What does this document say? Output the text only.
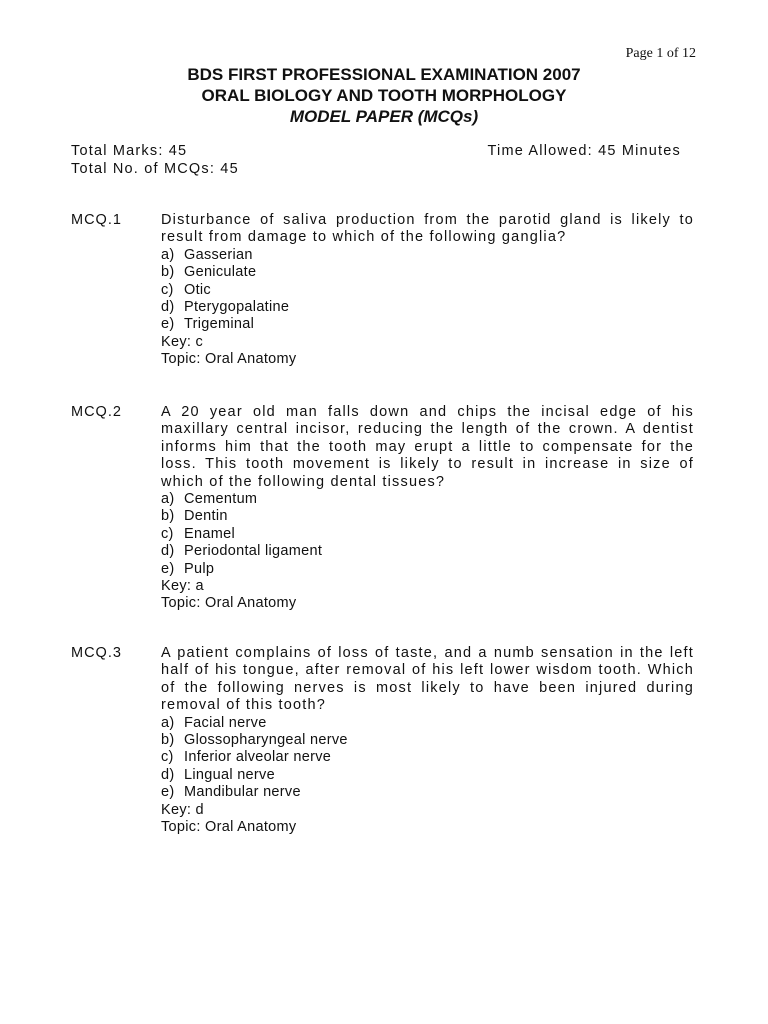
Page 1 of 12
BDS FIRST PROFESSIONAL EXAMINATION 2007
ORAL BIOLOGY AND TOOTH MORPHOLOGY
MODEL PAPER (MCQs)
Total Marks: 45	Time Allowed: 45 Minutes
Total No. of MCQs: 45
MCQ.1	Disturbance of saliva production from the parotid gland is likely to result from damage to which of the following ganglia?
a) Gasserian
b) Geniculate
c) Otic
d) Pterygopalatine
e) Trigeminal
Key: c
Topic: Oral Anatomy
MCQ.2	A 20 year old man falls down and chips the incisal edge of his maxillary central incisor, reducing the length of the crown. A dentist informs him that the tooth may erupt a little to compensate for the loss. This tooth movement is likely to result in increase in size of which of the following dental tissues?
a) Cementum
b) Dentin
c) Enamel
d) Periodontal ligament
e) Pulp
Key: a
Topic: Oral Anatomy
MCQ.3	A patient complains of loss of taste, and a numb sensation in the left half of his tongue, after removal of his left lower wisdom tooth. Which of the following nerves is most likely to have been injured during removal of this tooth?
a) Facial nerve
b) Glossopharyngeal nerve
c) Inferior alveolar nerve
d) Lingual nerve
e) Mandibular nerve
Key: d
Topic: Oral Anatomy
